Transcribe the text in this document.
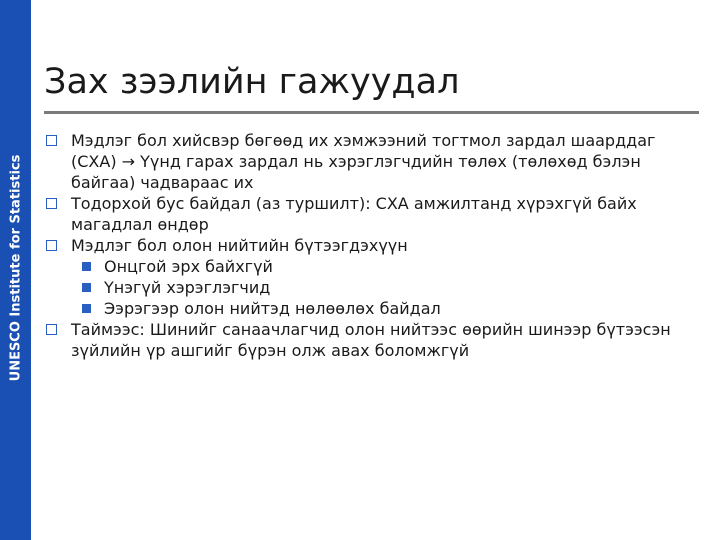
UNESCO Institute for Statistics
Зах зээлийн гажуудал
Мэдлэг бол хийсвэр бөгөөд их хэмжээний тогтмол зардал шаарддаг (СХА) → Үүнд гарах зардал нь хэрэглэгчдийн төлөх (төлөхөд бэлэн байгаа) чадвараас их
Тодорхой бус байдал (аз туршилт): СХА амжилтанд хүрэхгүй байх магадлал өндөр
Мэдлэг бол олон нийтийн бүтээгдэхүүн
Онцгой эрх байхгүй
Үнэгүй хэрэглэгчид
Ээрэгээр олон нийтэд нөлөөлөх байдал
Таймээс: Шинийг санаачлагчид олон нийтээс өөрийн шинээр бүтээсэн зүйлийн үр ашгийг бүрэн олж авах боломжгүй
